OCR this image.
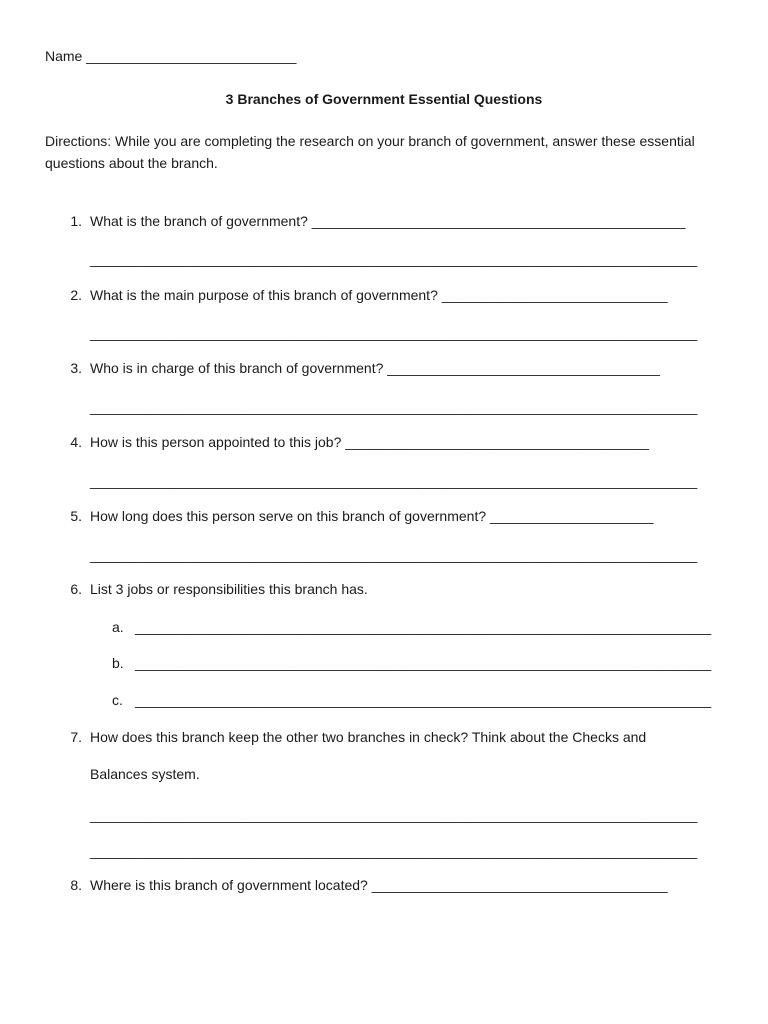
Name ___________________________
3 Branches of Government Essential Questions
Directions: While you are completing the research on your branch of government, answer these essential questions about the branch.
1. What is the branch of government? ________________________________________________
______________________________________________________________________________
2. What is the main purpose of this branch of government? _____________________________
______________________________________________________________________________
3. Who is in charge of this branch of government? ___________________________________
______________________________________________________________________________
4. How is this person appointed to this job? _______________________________________
______________________________________________________________________________
5. How long does this person serve on this branch of government? _____________________
______________________________________________________________________________
6. List 3 jobs or responsibilities this branch has.
a. __________________________________________________________________________
b. __________________________________________________________________________
c. __________________________________________________________________________
7. How does this branch keep the other two branches in check? Think about the Checks and
Balances system.
______________________________________________________________________________
______________________________________________________________________________
8. Where is this branch of government located? ______________________________________
